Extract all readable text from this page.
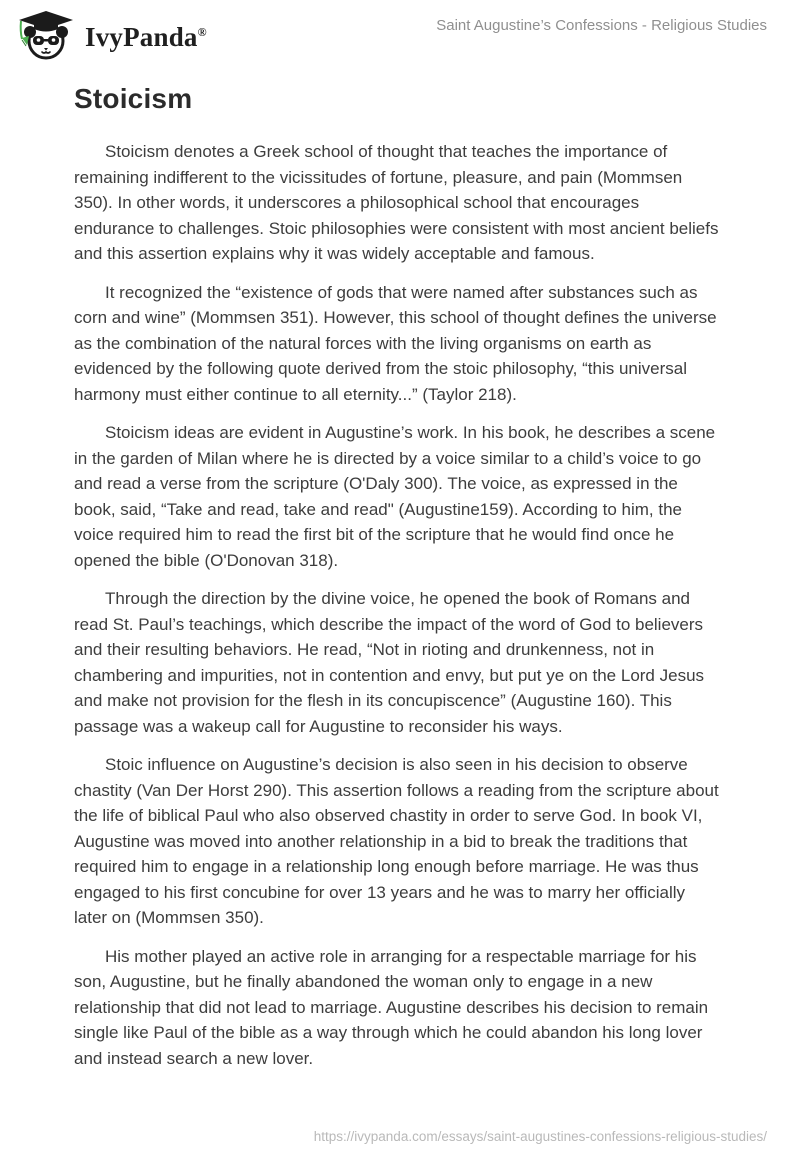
IvyPanda®	Saint Augustine’s Confessions - Religious Studies
Stoicism

Stoicism denotes a Greek school of thought that teaches the importance of remaining indifferent to the vicissitudes of fortune, pleasure, and pain (Mommsen 350). In other words, it underscores a philosophical school that encourages endurance to challenges. Stoic philosophies were consistent with most ancient beliefs and this assertion explains why it was widely acceptable and famous.

It recognized the “existence of gods that were named after substances such as corn and wine” (Mommsen 351). However, this school of thought defines the universe as the combination of the natural forces with the living organisms on earth as evidenced by the following quote derived from the stoic philosophy, “this universal harmony must either continue to all eternity...” (Taylor 218).

Stoicism ideas are evident in Augustine’s work. In his book, he describes a scene in the garden of Milan where he is directed by a voice similar to a child’s voice to go and read a verse from the scripture (O'Daly 300). The voice, as expressed in the book, said, “Take and read, take and read" (Augustine159). According to him, the voice required him to read the first bit of the scripture that he would find once he opened the bible (O'Donovan 318).

Through the direction by the divine voice, he opened the book of Romans and read St. Paul’s teachings, which describe the impact of the word of God to believers and their resulting behaviors. He read, “Not in rioting and drunkenness, not in chambering and impurities, not in contention and envy, but put ye on the Lord Jesus and make not provision for the flesh in its concupiscence” (Augustine 160). This passage was a wakeup call for Augustine to reconsider his ways.

Stoic influence on Augustine’s decision is also seen in his decision to observe chastity (Van Der Horst 290). This assertion follows a reading from the scripture about the life of biblical Paul who also observed chastity in order to serve God. In book VI, Augustine was moved into another relationship in a bid to break the traditions that required him to engage in a relationship long enough before marriage. He was thus engaged to his first concubine for over 13 years and he was to marry her officially later on (Mommsen 350).

His mother played an active role in arranging for a respectable marriage for his son, Augustine, but he finally abandoned the woman only to engage in a new relationship that did not lead to marriage. Augustine describes his decision to remain single like Paul of the bible as a way through which he could abandon his long lover and instead search a new lover.

https://ivypanda.com/essays/saint-augustines-confessions-religious-studies/
